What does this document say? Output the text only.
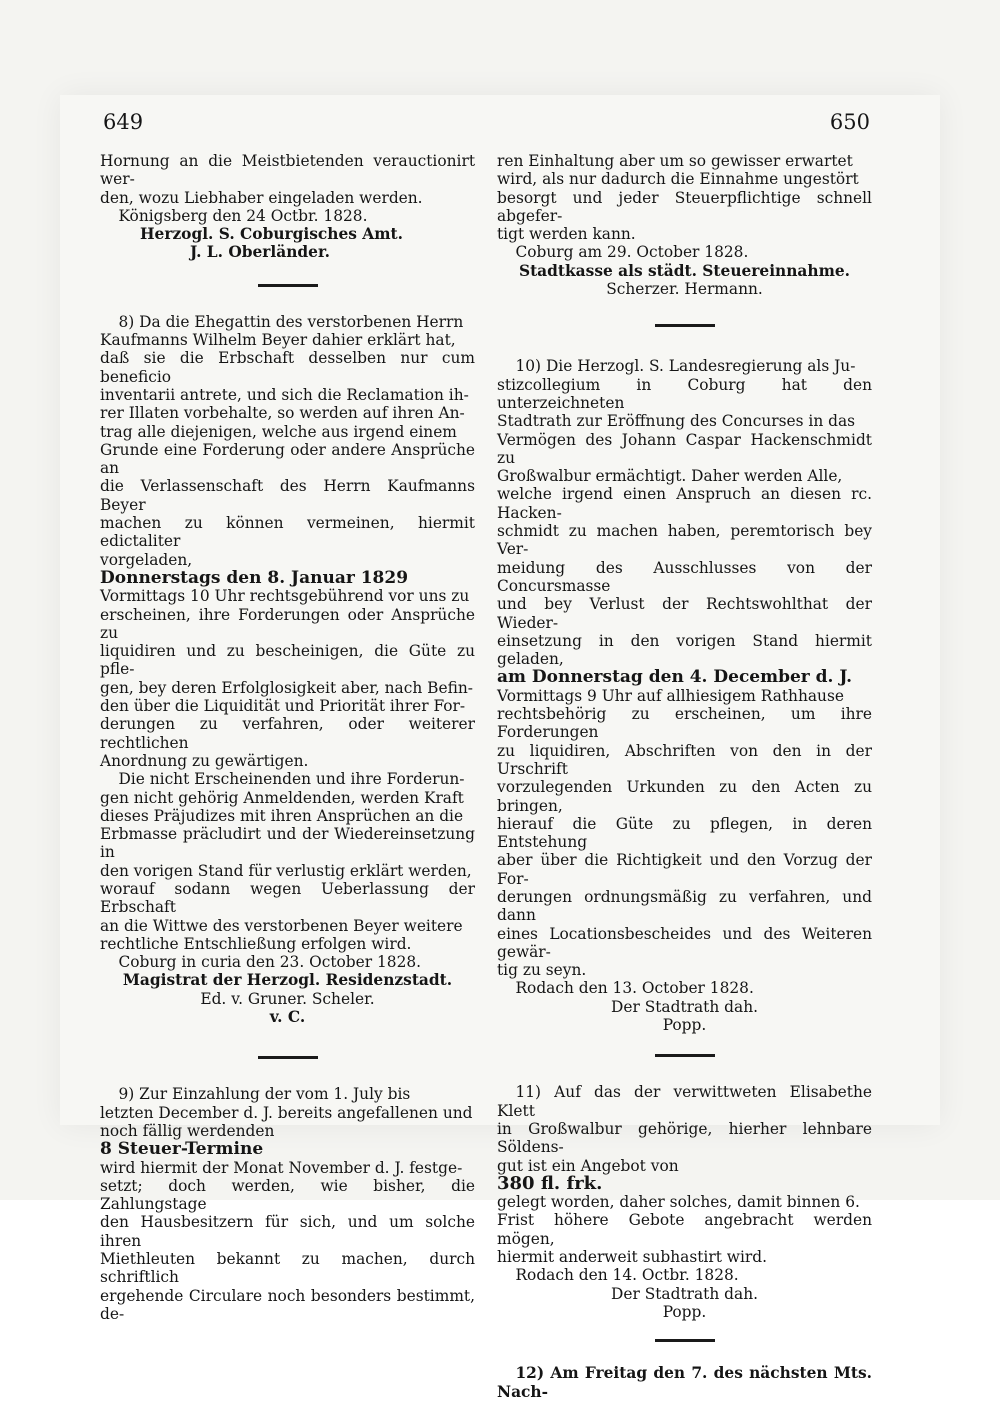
649	650

Hornung an die Meistbietenden verauctionirt wer-

den, wozu Liebhaber eingeladen werden.

Königsberg den 24 Octbr. 1828.

Herzogl. S. Coburgisches Amt.

J. L. Oberländer.

8) Da die Ehegattin des verstorbenen Herrn

Kaufmanns Wilhelm Beyer dahier erklärt hat,

daß sie die Erbschaft desselben nur cum beneficio

inventarii antrete, und sich die Reclamation ih-

rer Illaten vorbehalte, so werden auf ihren An-

trag alle diejenigen, welche aus irgend einem

Grunde eine Forderung oder andere Ansprüche an

die Verlassenschaft des Herrn Kaufmanns Beyer

machen zu können vermeinen, hiermit edictaliter

vorgeladen,

Donnerstags den 8. Januar 1829

Vormittags 10 Uhr rechtsgebührend vor uns zu

erscheinen, ihre Forderungen oder Ansprüche zu

liquidiren und zu bescheinigen, die Güte zu pfle-

gen, bey deren Erfolglosigkeit aber, nach Befin-

den über die Liquidität und Priorität ihrer For-

derungen zu verfahren, oder weiterer rechtlichen

Anordnung zu gewärtigen.

Die nicht Erscheinenden und ihre Forderun-

gen nicht gehörig Anmeldenden, werden Kraft

dieses Präjudizes mit ihren Ansprüchen an die

Erbmasse präcludirt und der Wiedereinsetzung in

den vorigen Stand für verlustig erklärt werden,

worauf sodann wegen Ueberlassung der Erbschaft

an die Wittwe des verstorbenen Beyer weitere

rechtliche Entschließung erfolgen wird.

Coburg in curia den 23. October 1828.

Magistrat der Herzogl. Residenzstadt.

Ed. v. Gruner. Scheler.

v. C.

9) Zur Einzahlung der vom 1. July bis

letzten December d. J. bereits angefallenen und

noch fällig werdenden

8 Steuer-Termine

wird hiermit der Monat November d. J. festge-

setzt; doch werden, wie bisher, die Zahlungstage

den Hausbesitzern für sich, und um solche ihren

Miethleuten bekannt zu machen, durch schriftlich

ergehende Circulare noch besonders bestimmt, de-

ren Einhaltung aber um so gewisser erwartet

wird, als nur dadurch die Einnahme ungestört

besorgt und jeder Steuerpflichtige schnell abgefer-

tigt werden kann.

Coburg am 29. October 1828.

Stadtkasse als städt. Steuereinnahme.

Scherzer. Hermann.

10) Die Herzogl. S. Landesregierung als Ju-

stizcollegium in Coburg hat den unterzeichneten

Stadtrath zur Eröffnung des Concurses in das

Vermögen des Johann Caspar Hackenschmidt zu

Großwalbur ermächtigt. Daher werden Alle,

welche irgend einen Anspruch an diesen rc. Hacken-

schmidt zu machen haben, peremtorisch bey Ver-

meidung des Ausschlusses von der Concursmasse

und bey Verlust der Rechtswohlthat der Wieder-

einsetzung in den vorigen Stand hiermit geladen,

am Donnerstag den 4. December d. J.

Vormittags 9 Uhr auf allhiesigem Rathhause

rechtsbehörig zu erscheinen, um ihre Forderungen

zu liquidiren, Abschriften von den in der Urschrift

vorzulegenden Urkunden zu den Acten zu bringen,

hierauf die Güte zu pflegen, in deren Entstehung

aber über die Richtigkeit und den Vorzug der For-

derungen ordnungsmäßig zu verfahren, und dann

eines Locationsbescheides und des Weiteren gewär-

tig zu seyn.

Rodach den 13. October 1828.

Der Stadtrath dah.

Popp.

11) Auf das der verwittweten Elisabethe Klett

in Großwalbur gehörige, hierher lehnbare Söldens-

gut ist ein Angebot von

380 fl. frk.

gelegt worden, daher solches, damit binnen 6.

Frist höhere Gebote angebracht werden mögen,

hiermit anderweit subhastirt wird.

Rodach den 14. Octbr. 1828.

Der Stadtrath dah.

Popp.

12) Am Freitag den 7. des nächsten Mts. Nach-
